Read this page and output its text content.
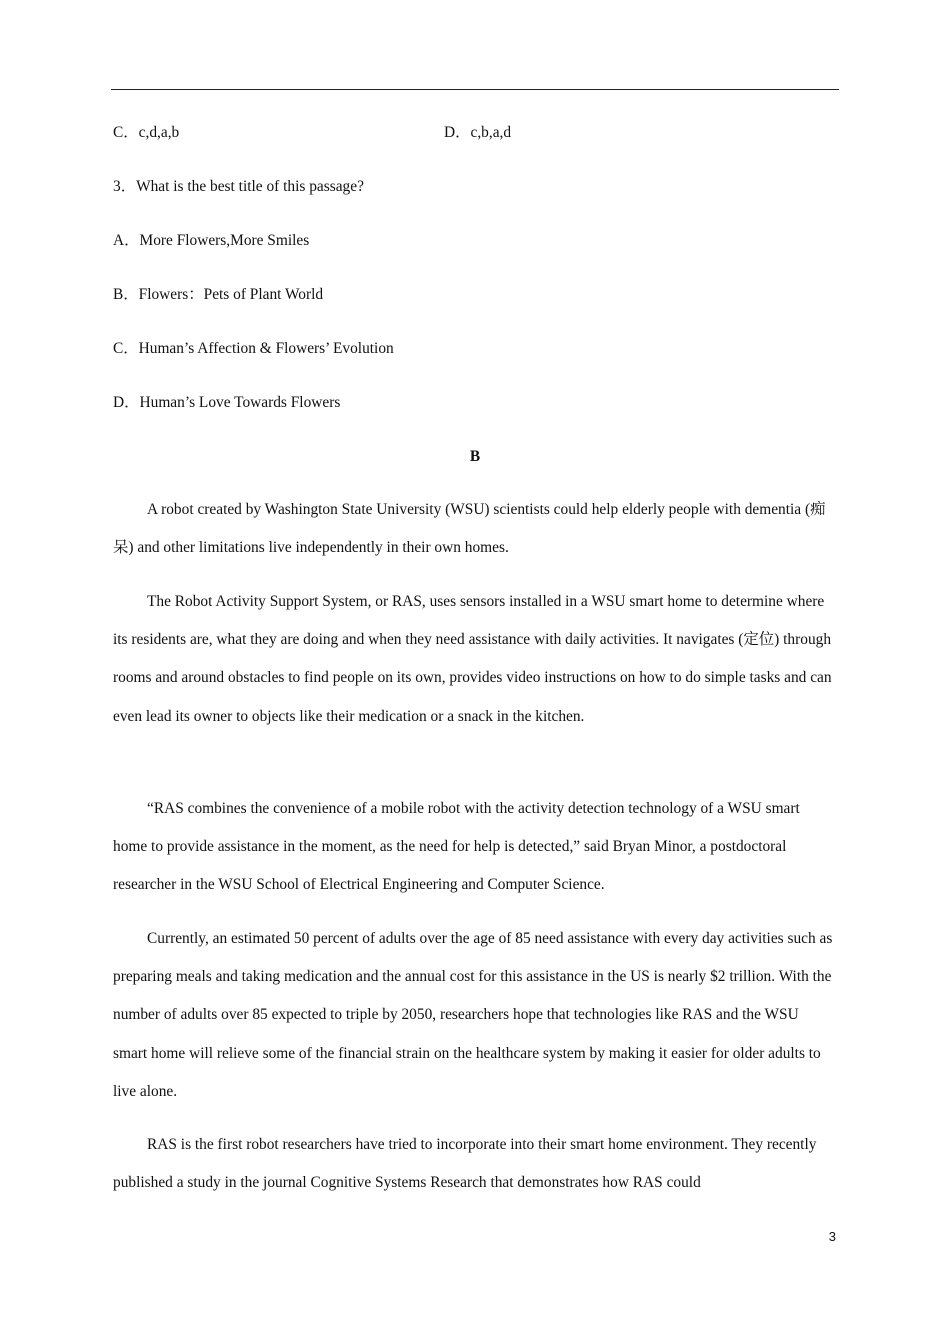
C．c,d,a,b	D．c,b,a,d
3．What is the best title of this passage?
A．More Flowers,More Smiles
B．Flowers：Pets of Plant World
C．Human’s Affection & Flowers’ Evolution
D．Human’s Love Towards Flowers
B

A robot created by Washington State University (WSU) scientists could help elderly people with dementia (痴呆) and other limitations live independently in their own homes.

The Robot Activity Support System, or RAS, uses sensors installed in a WSU smart home to determine where its residents are, what they are doing and when they need assistance with daily activities. It navigates (定位) through rooms and around obstacles to find people on its own, provides video instructions on how to do simple tasks and can even lead its owner to objects like their medication or a snack in the kitchen.

“RAS combines the convenience of a mobile robot with the activity detection technology of a WSU smart home to provide assistance in the moment, as the need for help is detected,” said Bryan Minor, a postdoctoral researcher in the WSU School of Electrical Engineering and Computer Science.

Currently, an estimated 50 percent of adults over the age of 85 need assistance with every day activities such as preparing meals and taking medication and the annual cost for this assistance in the US is nearly $2 trillion. With the number of adults over 85 expected to triple by 2050, researchers hope that technologies like RAS and the WSU smart home will relieve some of the financial strain on the healthcare system by making it easier for older adults to live alone.

RAS is the first robot researchers have tried to incorporate into their smart home environment. They recently published a study in the journal Cognitive Systems Research that demonstrates how RAS could

3
